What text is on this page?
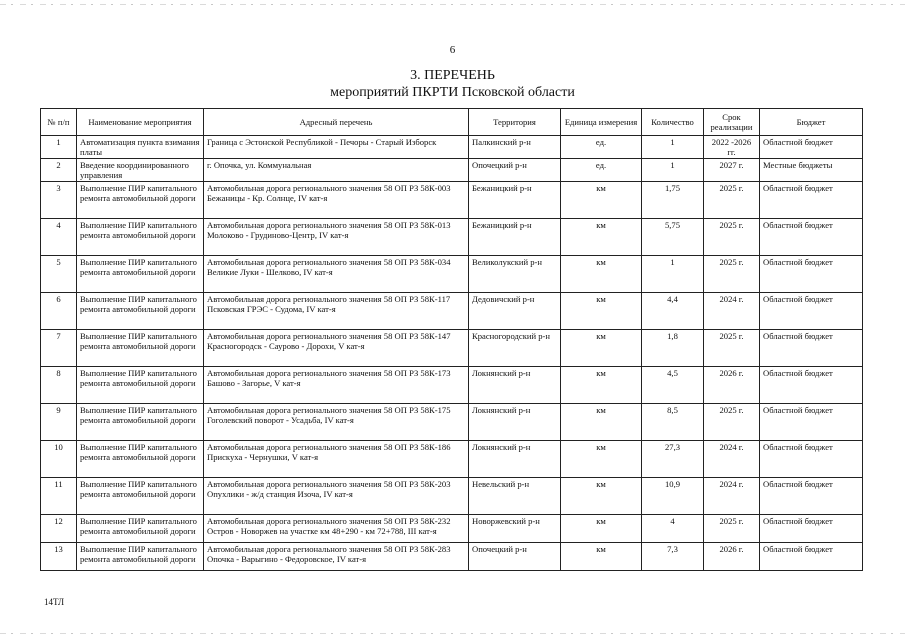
6
3. ПЕРЕЧЕНЬ
мероприятий ПКРТИ Псковской области
№ п/п	Наименование мероприятия	Адресный перечень	Территория	Единица измерения	Количество	Срок реализации	Бюджет
1	Автоматизация пункта взимания платы	Граница с Эстонской Республикой - Печоры - Старый Изборск	Палкинский р-н	ед.	1	2022 -2026 гг.	Областной бюджет
2	Введение координированного управления	г. Опочка, ул. Коммунальная	Опочецкий р-н	ед.	1	2027 г.	Местные бюджеты
3	Выполнение ПИР капитального ремонта автомобильной дороги	Автомобильная дорога регионального значения 58 ОП РЗ 58К-003 Бежаницы - Кр. Солнце, IV кат-я	Бежаницкий р-н	км	1,75	2025 г.	Областной бюджет
4	Выполнение ПИР капитального ремонта автомобильной дороги	Автомобильная дорога регионального значения 58 ОП РЗ 58К-013 Молоково - Грудиново-Центр, IV кат-я	Бежаницкий р-н	км	5,75	2025 г.	Областной бюджет
5	Выполнение ПИР капитального ремонта автомобильной дороги	Автомобильная дорога регионального значения 58 ОП РЗ 58К-034 Великие Луки - Шелково, IV кат-я	Великолукский р-н	км	1	2025 г.	Областной бюджет
6	Выполнение ПИР капитального ремонта автомобильной дороги	Автомобильная дорога регионального значения 58 ОП РЗ 58К-117 Псковская ГРЭС - Судома, IV кат-я	Дедовичский р-н	км	4,4	2024 г.	Областной бюджет
7	Выполнение ПИР капитального ремонта автомобильной дороги	Автомобильная дорога регионального значения 58 ОП РЗ 58К-147 Красногородск - Саурово - Дорохи, V кат-я	Красногородский р-н	км	1,8	2025 г.	Областной бюджет
8	Выполнение ПИР капитального ремонта автомобильной дороги	Автомобильная дорога регионального значения 58 ОП РЗ 58К-173 Башово - Загорье, V кат-я	Локнянский р-н	км	4,5	2026 г.	Областной бюджет
9	Выполнение ПИР капитального ремонта автомобильной дороги	Автомобильная дорога регионального значения 58 ОП РЗ 58К-175 Гоголевский поворот - Усадьба, IV кат-я	Локнянский р-н	км	8,5	2025 г.	Областной бюджет
10	Выполнение ПИР капитального ремонта автомобильной дороги	Автомобильная дорога регионального значения 58 ОП РЗ 58К-186 Прискуха - Чернушки, V кат-я	Локнянский р-н	км	27,3	2024 г.	Областной бюджет
11	Выполнение ПИР капитального ремонта автомобильной дороги	Автомобильная дорога регионального значения 58 ОП РЗ 58К-203 Опухлики - ж/д станция Изоча, IV кат-я	Невельский р-н	км	10,9	2024 г.	Областной бюджет
12	Выполнение ПИР капитального ремонта автомобильной дороги	Автомобильная дорога регионального значения 58 ОП РЗ 58К-232 Остров - Новоржев на участке км 48+290 - км 72+788, III кат-я	Новоржевский р-н	км	4	2025 г.	Областной бюджет
13	Выполнение ПИР капитального ремонта автомобильной дороги	Автомобильная дорога регионального значения 58 ОП РЗ 58К-283 Опочка - Варыгино - Федоровское, IV кат-я	Опочецкий р-н	км	7,3	2026 г.	Областной бюджет
14ТЛ
